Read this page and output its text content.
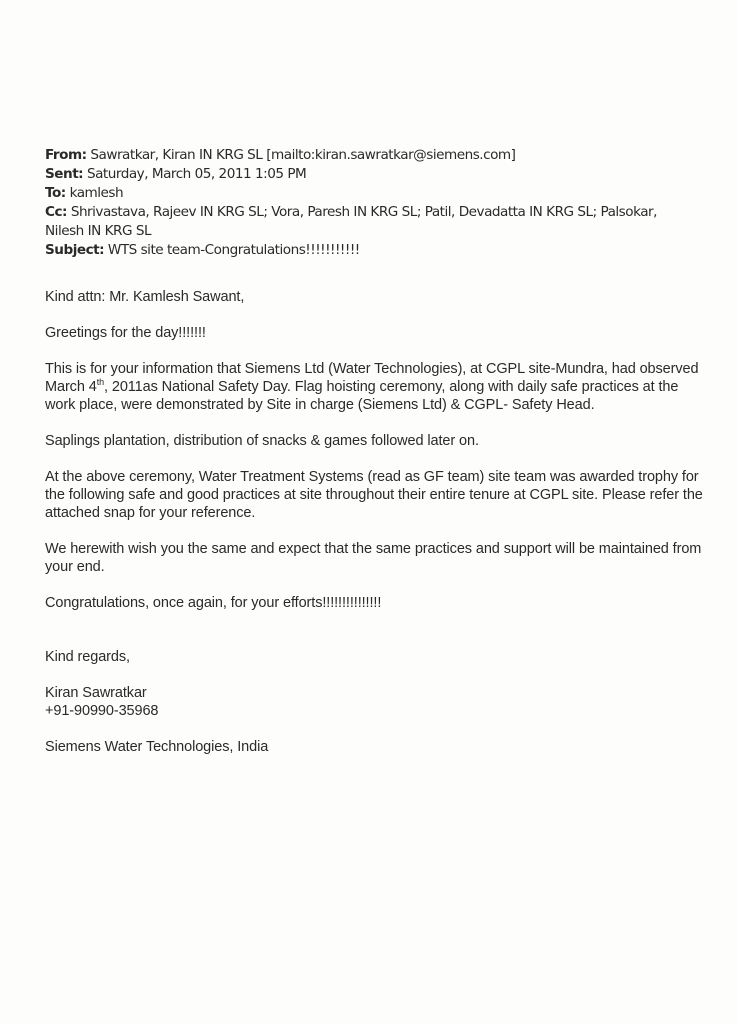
From: Sawratkar, Kiran IN KRG SL [mailto:kiran.sawratkar@siemens.com]
Sent: Saturday, March 05, 2011 1:05 PM
To: kamlesh
Cc: Shrivastava, Rajeev IN KRG SL; Vora, Paresh IN KRG SL; Patil, Devadatta IN KRG SL; Palsokar, Nilesh IN KRG SL
Subject: WTS site team-Congratulations!!!!!!!!!!!

Kind attn: Mr. Kamlesh Sawant,

Greetings for the day!!!!!!!

This is for your information that Siemens Ltd (Water Technologies), at CGPL site-Mundra, had observed March 4th, 2011as National Safety Day. Flag hoisting ceremony, along with daily safe practices at the work place, were demonstrated by Site in charge (Siemens Ltd) & CGPL- Safety Head.

Saplings plantation, distribution of snacks & games followed later on.

At the above ceremony, Water Treatment Systems (read as GF team) site team was awarded trophy for the following safe and good practices at site throughout their entire tenure at CGPL site. Please refer the attached snap for your reference.

We herewith wish you the same and expect that the same practices and support will be maintained from your end.

Congratulations, once again, for your efforts!!!!!!!!!!!!!!!

Kind regards,

Kiran Sawratkar

+91-90990-35968

Siemens Water Technologies, India
